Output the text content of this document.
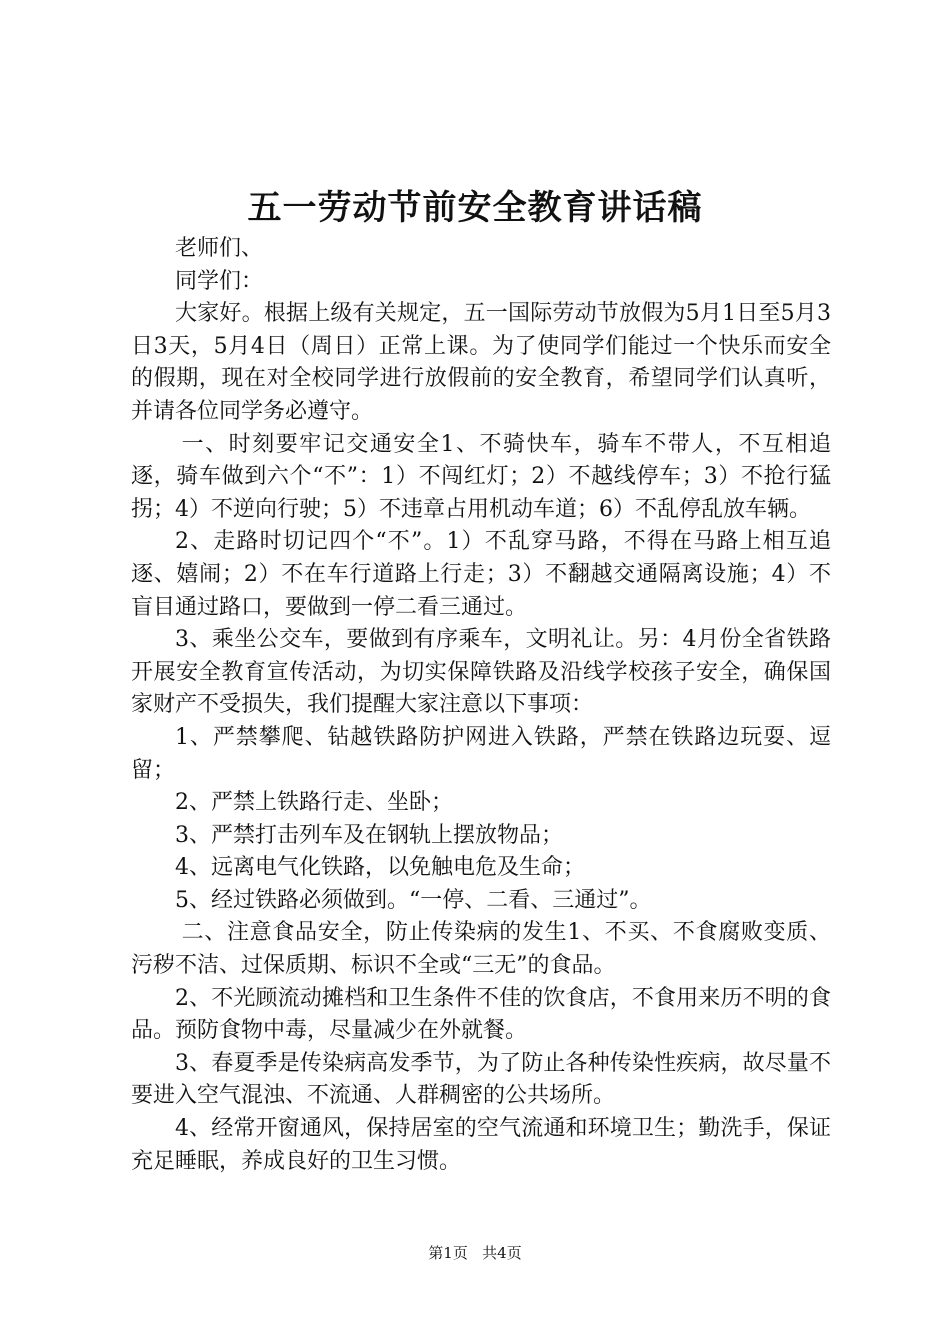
五一劳动节前安全教育讲话稿

老师们、

同学们：

大家好。根据上级有关规定，五一国际劳动节放假为5月1日至5月3日3天，5月4日（周日）正常上课。为了使同学们能过一个快乐而安全的假期，现在对全校同学进行放假前的安全教育，希望同学们认真听，并请各位同学务必遵守。

一、时刻要牢记交通安全1、不骑快车，骑车不带人，不互相追逐，骑车做到六个“不”：1）不闯红灯；2）不越线停车；3）不抢行猛拐；4）不逆向行驶；5）不违章占用机动车道；6）不乱停乱放车辆。

2、走路时切记四个“不”。1）不乱穿马路，不得在马路上相互追逐、嬉闹；2）不在车行道路上行走；3）不翻越交通隔离设施；4）不盲目通过路口，要做到一停二看三通过。

3、乘坐公交车，要做到有序乘车，文明礼让。另：4月份全省铁路开展安全教育宣传活动，为切实保障铁路及沿线学校孩子安全，确保国家财产不受损失，我们提醒大家注意以下事项：

1、严禁攀爬、钻越铁路防护网进入铁路，严禁在铁路边玩耍、逗留；

2、严禁上铁路行走、坐卧；

3、严禁打击列车及在钢轨上摆放物品；

4、远离电气化铁路，以免触电危及生命；

5、经过铁路必须做到。“一停、二看、三通过”。

二、注意食品安全，防止传染病的发生1、不买、不食腐败变质、污秽不洁、过保质期、标识不全或“三无”的食品。

2、不光顾流动摊档和卫生条件不佳的饮食店，不食用来历不明的食品。预防食物中毒，尽量减少在外就餐。

3、春夏季是传染病高发季节，为了防止各种传染性疾病，故尽量不要进入空气混浊、不流通、人群稠密的公共场所。

4、经常开窗通风，保持居室的空气流通和环境卫生；勤洗手，保证充足睡眠，养成良好的卫生习惯。

第1页 共4页
